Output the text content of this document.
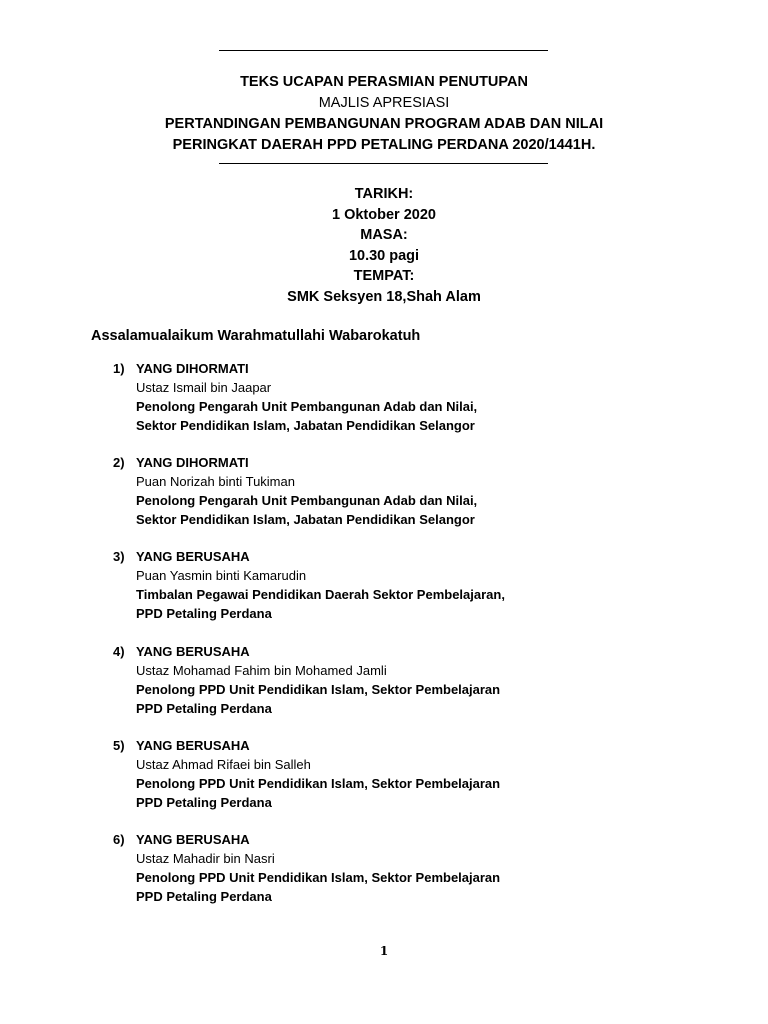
TEKS UCAPAN PERASMIAN PENUTUPAN
MAJLIS APRESIASI
PERTANDINGAN PEMBANGUNAN PROGRAM ADAB DAN NILAI
PERINGKAT DAERAH PPD PETALING PERDANA 2020/1441H.
TARIKH:
1 Oktober 2020
MASA:
10.30 pagi
TEMPAT:
SMK Seksyen 18,Shah Alam
Assalamualaikum Warahmatullahi Wabarokatuh
1) YANG DIHORMATI
Ustaz Ismail bin Jaapar
Penolong Pengarah Unit Pembangunan Adab dan Nilai,
Sektor Pendidikan Islam, Jabatan Pendidikan Selangor
2) YANG DIHORMATI
Puan Norizah binti Tukiman
Penolong Pengarah Unit Pembangunan Adab dan Nilai,
Sektor Pendidikan Islam, Jabatan Pendidikan Selangor
3) YANG BERUSAHA
Puan Yasmin binti Kamarudin
Timbalan Pegawai Pendidikan Daerah Sektor Pembelajaran,
PPD Petaling Perdana
4) YANG BERUSAHA
Ustaz Mohamad Fahim bin Mohamed Jamli
Penolong PPD Unit Pendidikan Islam, Sektor Pembelajaran
PPD Petaling Perdana
5) YANG BERUSAHA
Ustaz Ahmad Rifaei bin Salleh
Penolong PPD Unit Pendidikan Islam, Sektor Pembelajaran
PPD Petaling Perdana
6) YANG BERUSAHA
Ustaz Mahadir bin Nasri
Penolong PPD Unit Pendidikan Islam, Sektor Pembelajaran
PPD Petaling Perdana
1
